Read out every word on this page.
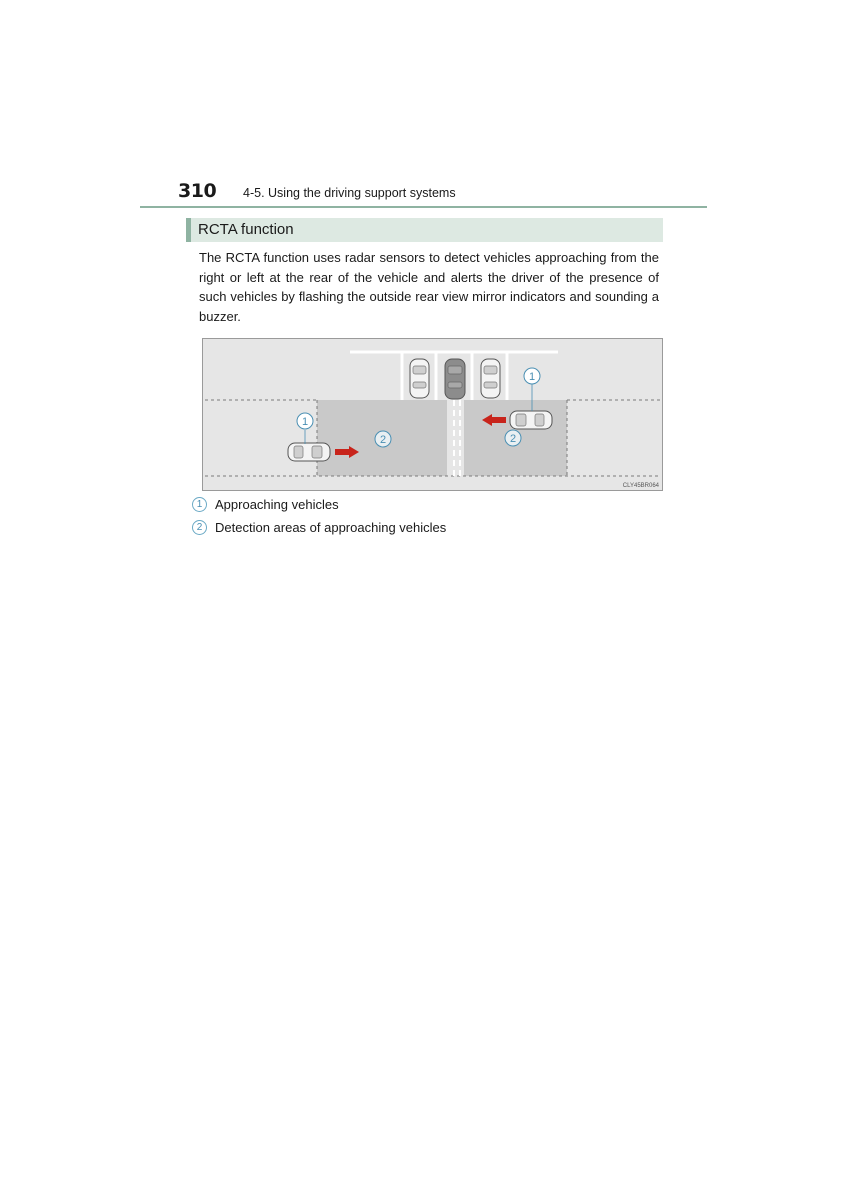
310 4-5. Using the driving support systems
RCTA function
The RCTA function uses radar sensors to detect vehicles approaching from the right or left at the rear of the vehicle and alerts the driver of the presence of such vehicles by flashing the outside rear view mirror indicators and sounding a buzzer.
1
2
1
2
CLY45BR064
1 Approaching vehicles
2 Detection areas of approaching vehicles
